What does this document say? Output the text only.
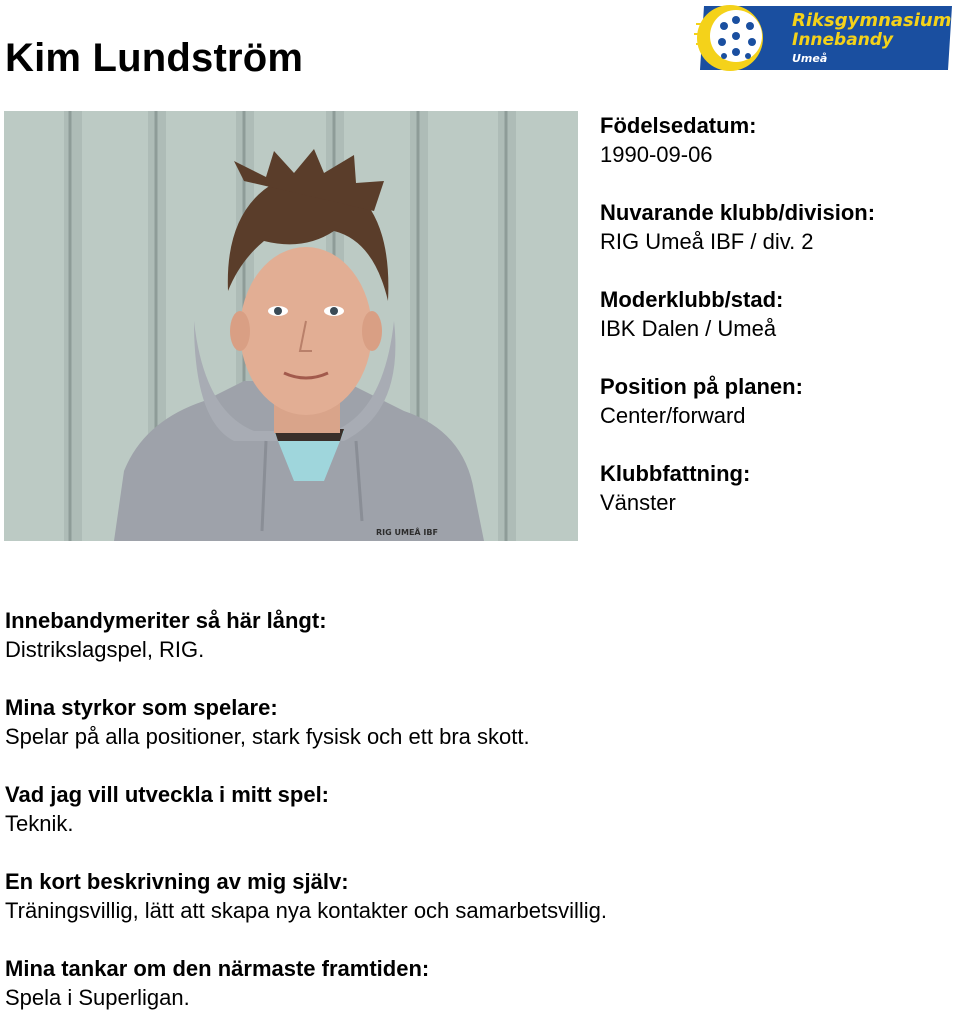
Kim Lundström
Riksgymnasium
Innebandy
Umeå
RIG UMEÅ IBF
Födelsedatum:
1990-09-06
Nuvarande klubb/division:
RIG Umeå IBF / div. 2
Moderklubb/stad:
IBK Dalen / Umeå
Position på planen:
Center/forward
Klubbfattning:
Vänster
Innebandymeriter så här långt:
Distrikslagspel, RIG.
Mina styrkor som spelare:
Spelar på alla positioner, stark fysisk och ett bra skott.
Vad jag vill utveckla i mitt spel:
Teknik.
En kort beskrivning av mig själv:
Träningsvillig, lätt att skapa nya kontakter och samarbetsvillig.
Mina tankar om den närmaste framtiden:
Spela i Superligan.
